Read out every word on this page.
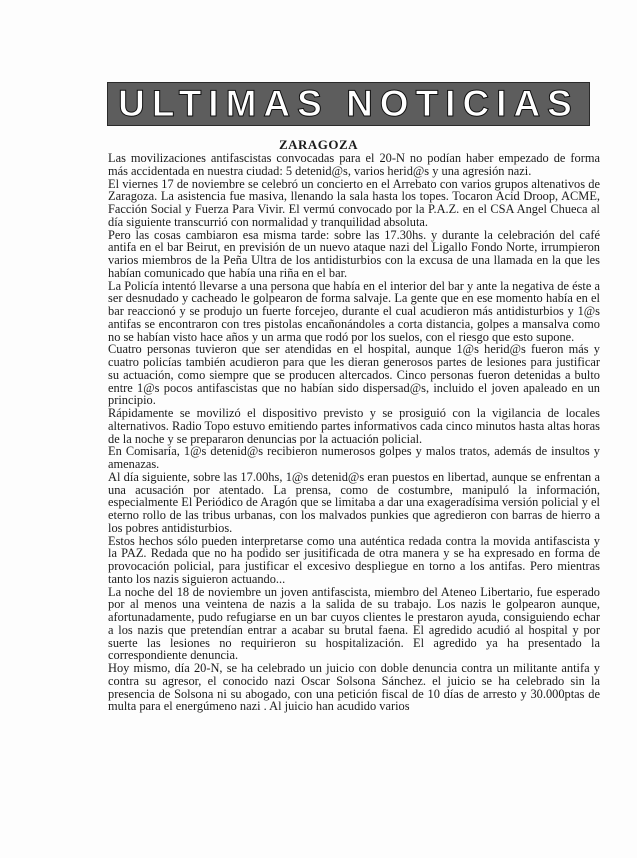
ULTIMAS NOTICIAS
ZARAGOZA

Las movilizaciones antifascistas convocadas para el 20-N no podían haber empezado de forma más accidentada en nuestra ciudad: 5 detenid@s, varios herid@s y una agresión nazi.

El viernes 17 de noviembre se celebró un concierto en el Arrebato con varios grupos altenativos de Zaragoza. La asistencia fue masiva, llenando la sala hasta los topes. Tocaron Acid Droop, ACME, Facción Social y Fuerza Para Vivir. El vermú convocado por la P.A.Z. en el CSA Angel Chueca al día siguiente transcurrió con normalidad y tranquilidad absoluta.

Pero las cosas cambiaron esa misma tarde: sobre las 17.30hs. y durante la celebración del café antifa en el bar Beirut, en previsión de un nuevo ataque nazi del Ligallo Fondo Norte, irrumpieron varios miembros de la Peña Ultra de los antidisturbios con la excusa de una llamada en la que les habían comunicado que había una riña en el bar.

La Policía intentó llevarse a una persona que había en el interior del bar y ante la negativa de éste a ser desnudado y cacheado le golpearon de forma salvaje. La gente que en ese momento había en el bar reaccionó y se produjo un fuerte forcejeo, durante el cual acudieron más antidisturbios y 1@s antifas se encontraron con tres pistolas encañonándoles a corta distancia, golpes a mansalva como no se habían visto hace años y un arma que rodó por los suelos, con el riesgo que esto supone.

Cuatro personas tuvieron que ser atendidas en el hospital, aunque 1@s herid@s fueron más y cuatro policías también acudieron para que les dieran generosos partes de lesiones para justificar su actuación, como siempre que se producen altercados. Cinco personas fueron detenidas a bulto entre 1@s pocos antifascistas que no habían sido dispersad@s, incluido el joven apaleado en un principio.

Rápidamente se movilizó el dispositivo previsto y se prosiguió con la vigilancia de locales alternativos. Radio Topo estuvo emitiendo partes informativos cada cinco minutos hasta altas horas de la noche y se prepararon denuncias por la actuación policial.

En Comisaría, 1@s detenid@s recibieron numerosos golpes y malos tratos, además de insultos y amenazas.

Al día siguiente, sobre las 17.00hs, 1@s detenid@s eran puestos en libertad, aunque se enfrentan a una acusación por atentado. La prensa, como de costumbre, manipuló la información, especialmente El Periódico de Aragón que se limitaba a dar una exageradísima versión policial y el eterno rollo de las tribus urbanas, con los malvados punkies que agredieron con barras de hierro a los pobres antidisturbios.

Estos hechos sólo pueden interpretarse como una auténtica redada contra la movida antifascista y la PAZ. Redada que no ha podido ser jusitificada de otra manera y se ha expresado en forma de provocación policial, para justificar el excesivo despliegue en torno a los antifas. Pero mientras tanto los nazis siguieron actuando...

La noche del 18 de noviembre un joven antifascista, miembro del Ateneo Libertario, fue esperado por al menos una veintena de nazis a la salida de su trabajo. Los nazis le golpearon aunque, afortunadamente, pudo refugiarse en un bar cuyos clientes le prestaron ayuda, consiguiendo echar a los nazis que pretendían entrar a acabar su brutal faena. El agredido acudió al hospital y por suerte las lesiones no requirieron su hospitalización. El agredido ya ha presentado la correspondiente denuncia.

Hoy mismo, día 20-N, se ha celebrado un juicio con doble denuncia contra un militante antifa y contra su agresor, el conocido nazi Oscar Solsona Sánchez. el juicio se ha celebrado sin la presencia de Solsona ni su abogado, con una petición fiscal de 10 días de arresto y 30.000ptas de multa para el energúmeno nazi . Al juicio han acudido varios
